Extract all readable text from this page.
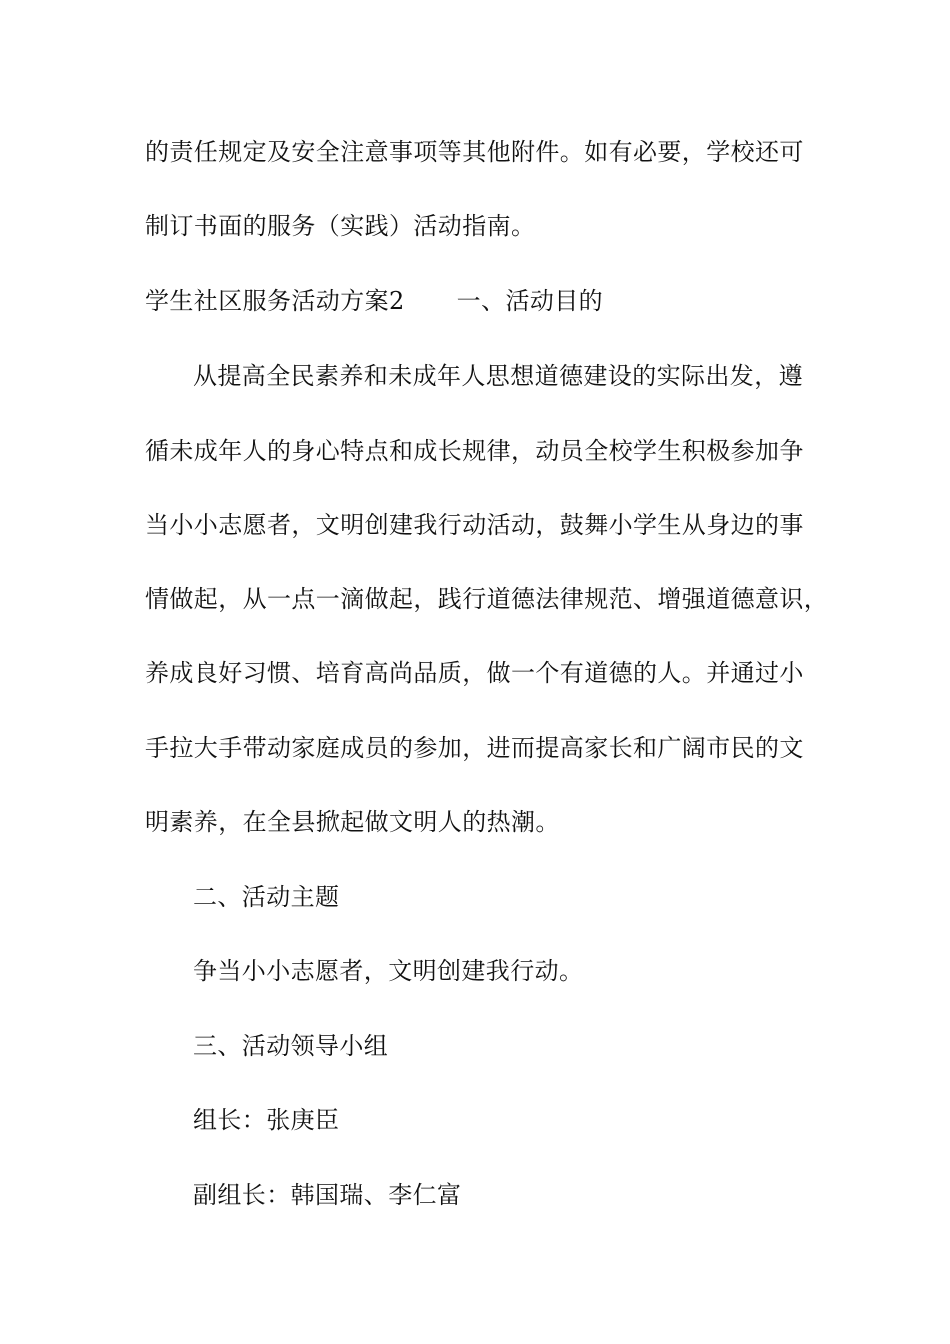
的责任规定及安全注意事项等其他附件。如有必要，学校还可
制订书面的服务（实践）活动指南。
学生社区服务活动方案2 一、活动目的
从提高全民素养和未成年人思想道德建设的实际出发，遵
循未成年人的身心特点和成长规律，动员全校学生积极参加争
当小小志愿者，文明创建我行动活动，鼓舞小学生从身边的事
情做起，从一点一滴做起，践行道德法律规范、增强道德意识，
养成良好习惯、培育高尚品质，做一个有道德的人。并通过小
手拉大手带动家庭成员的参加，进而提高家长和广阔市民的文
明素养，在全县掀起做文明人的热潮。
二、活动主题
争当小小志愿者，文明创建我行动。
三、活动领导小组
组长：张庚臣
副组长：韩国瑞、李仁富
